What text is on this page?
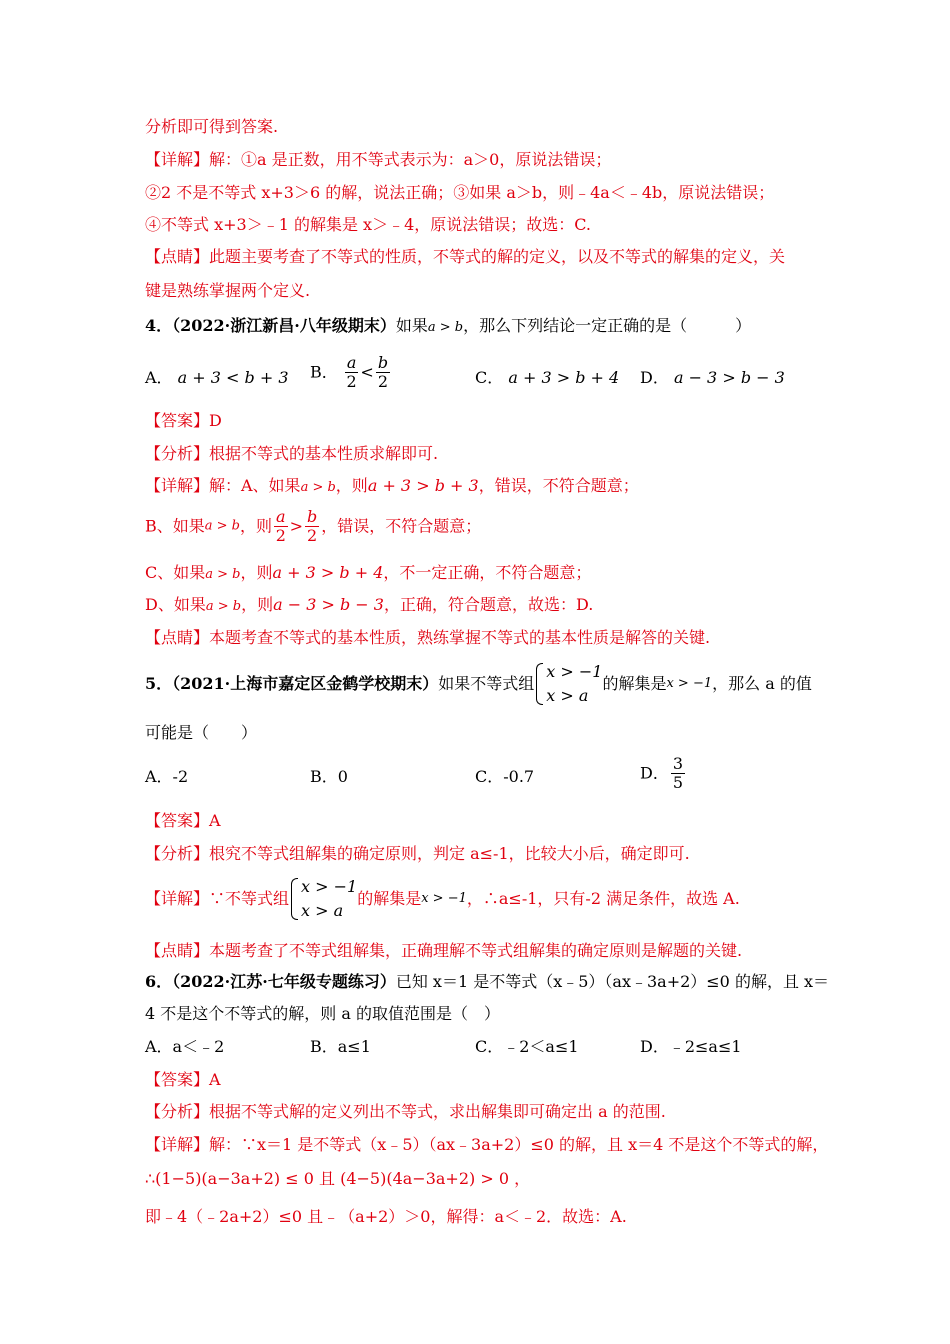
分析即可得到答案.
【详解】解：①a 是正数，用不等式表示为：a＞0，原说法错误；
②2 不是不等式 x+3＞6 的解，说法正确；③如果 a＞b，则﹣4a＜﹣4b，原说法错误；
④不等式 x+3＞﹣1 的解集是 x＞﹣4，原说法错误；故选：C.
【点睛】此题主要考查了不等式的性质，不等式的解的定义，以及不等式的解集的定义，关
键是熟练掌握两个定义.
4．（2022·浙江新昌·八年级期末）如果a > b，那么下列结论一定正确的是（　　　）
A． a + 3 < b + 3 B． $\frac{a}{2} < \frac{b}{2}$	C． a + 3 > b + 4 D． a − 3 > b − 3
【答案】D
【分析】根据不等式的基本性质求解即可.
【详解】解：A、如果a > b，则a + 3 > b + 3，错误，不符合题意；
B、如果a > b，则 $\frac{a}{2} > \frac{b}{2}$ ，错误，不符合题意；
C、如果a > b，则a + 3 > b + 4，不一定正确，不符合题意；
D、如果a > b，则a − 3 > b − 3，正确，符合题意，故选：D.
【点睛】本题考查不等式的基本性质，熟练掌握不等式的基本性质是解答的关键.
5．（2021·上海市嘉定区金鹤学校期末）如果不等式组
x > −1
x > a
的解集是x > −1，那么 a 的值
可能是（　　）
A．-2	B．0	C．-0.7	D． $\frac{3}{5}$
【答案】A
【分析】根究不等式组解集的确定原则，判定 a≤-1，比较大小后，确定即可.
【详解】∵不等式组
x > −1
x > a
的解集是x > −1，∴a≤-1，只有-2 满足条件，故选 A.
【点睛】本题考查了不等式组解集，正确理解不等式组解集的确定原则是解题的关键.
6．（2022·江苏·七年级专题练习）已知 x＝1 是不等式（x﹣5）（ax﹣3a+2）≤0 的解，且 x＝
4 不是这个不等式的解，则 a 的取值范围是（　）
A．a＜﹣2	B．a≤1	C．﹣2＜a≤1	D．﹣2≤a≤1
【答案】A
【分析】根据不等式解的定义列出不等式，求出解集即可确定出 a 的范围.
【详解】解：∵x＝1 是不等式（x﹣5）（ax﹣3a+2）≤0 的解，且 x＝4 不是这个不等式的解，
∴(1−5)(a−3a+2) ≤ 0 且 (4−5)(4a−3a+2) > 0 ，
即﹣4（﹣2a+2）≤0 且﹣（a+2）＞0，解得：a＜﹣2．故选：A.
